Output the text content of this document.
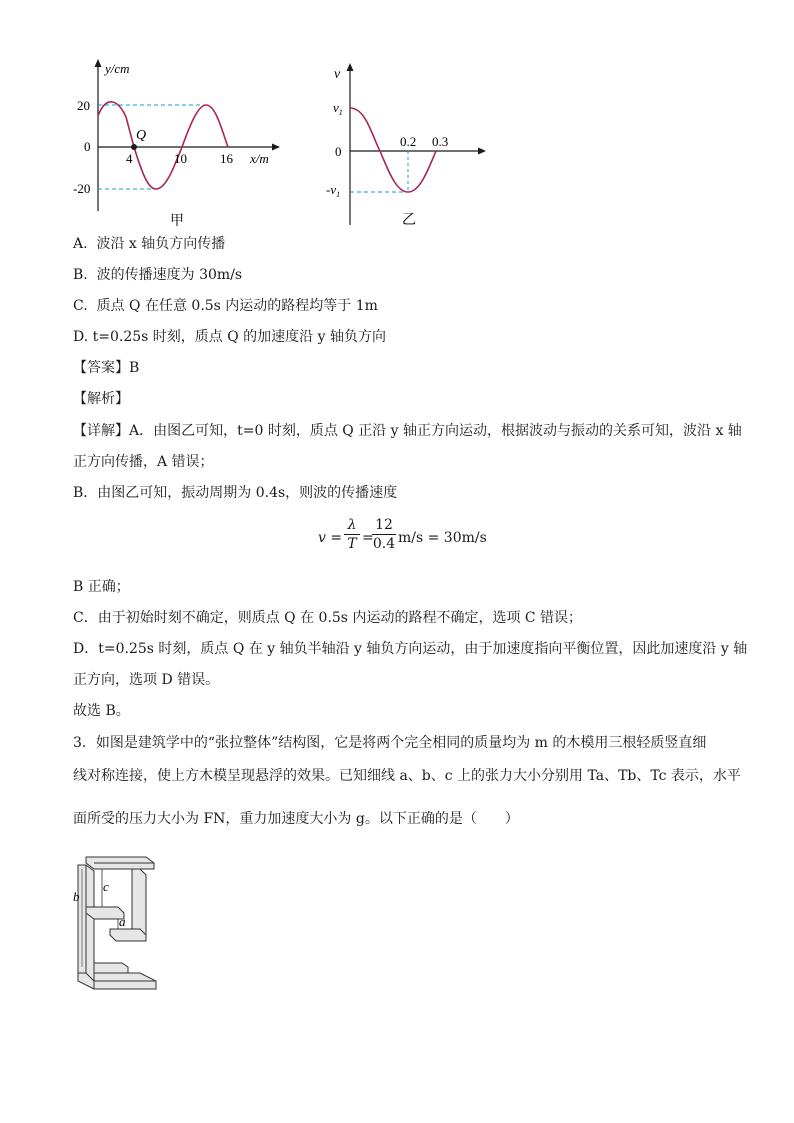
Q
y/cm
x/m
20
0
-20
4	10	16
甲
v
$v_1$
0
$-v_1$
0.2 0.3
乙
A. 波沿 x 轴负方向传播
B. 波的传播速度为 30m/s
C. 质点 Q 在任意 0.5s 内运动的路程均等于 1m
D. t=0.25s 时刻，质点 Q 的加速度沿 y 轴负方向
【答案】B
【解析】
【详解】A．由图乙可知，t=0 时刻，质点 Q 正沿 y 轴正方向运动，根据波动与振动的关系可知，波沿 x 轴
正方向传播，A 错误；
B．由图乙可知，振动周期为 0.4s，则波的传播速度
$v = \frac{\lambda}{T}$ =
$\frac{12}{0.4} m/s = 30m/s$
B 正确；
C．由于初始时刻不确定，则质点 Q 在 0.5s 内运动的路程不确定，选项 C 错误；
D．t=0.25s 时刻，质点 Q 在 y 轴负半轴沿 y 轴负方向运动，由于加速度指向平衡位置，因此加速度沿 y 轴
正方向，选项 D 错误。
故选 B。
3．如图是建筑学中的“张拉整体”结构图，它是将两个完全相同的质量均为 m 的木模用三根轻质竖直细
线对称连接，使上方木模呈现悬浮的效果。已知细线 a、b、c 上的张力大小分别用 Ta、Tb、Tc 表示，水平
面所受的压力大小为 FN，重力加速度大小为 g。以下正确的是（　　）
b
c
a
